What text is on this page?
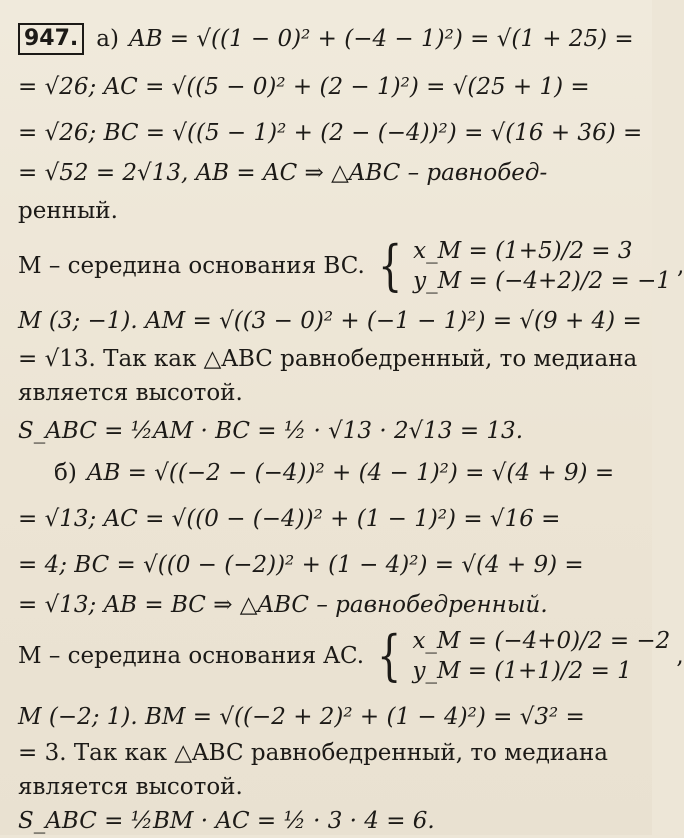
947. а) AB = √((1 − 0)² + (−4 − 1)²) = √(1 + 25) =
= √26; AC = √((5 − 0)² + (2 − 1)²) = √(25 + 1) =
= √26; BC = √((5 − 1)² + (2 − (−4))²) = √(16 + 36) =
= √52 = 2√13, AB = AC ⇒ △ABC – равнобед-
ренный.
M – середина основания BC. { x_M = (1+5)/2 = 3
y_M = (−4+2)/2 = −1
,
M (3; −1). AM = √((3 − 0)² + (−1 − 1)²) = √(9 + 4) =
= √13. Так как △ABC равнобедренный, то медиана
является высотой.
S_ABC = ½AM · BC = ½ · √13 · 2√13 = 13.
б) AB = √((−2 − (−4))² + (4 − 1)²) = √(4 + 9) =
= √13; AC = √((0 − (−4))² + (1 − 1)²) = √16 =
= 4; BC = √((0 − (−2))² + (1 − 4)²) = √(4 + 9) =
= √13; AB = BC ⇒ △ABC – равнобедренный.
M – середина основания AC. { x_M = (−4+0)/2 = −2
y_M = (1+1)/2 = 1
,
M (−2; 1). BM = √((−2 + 2)² + (1 − 4)²) = √3² =
= 3. Так как △ABC равнобедренный, то медиана
является высотой.
S_ABC = ½BM · AC = ½ · 3 · 4 = 6.
